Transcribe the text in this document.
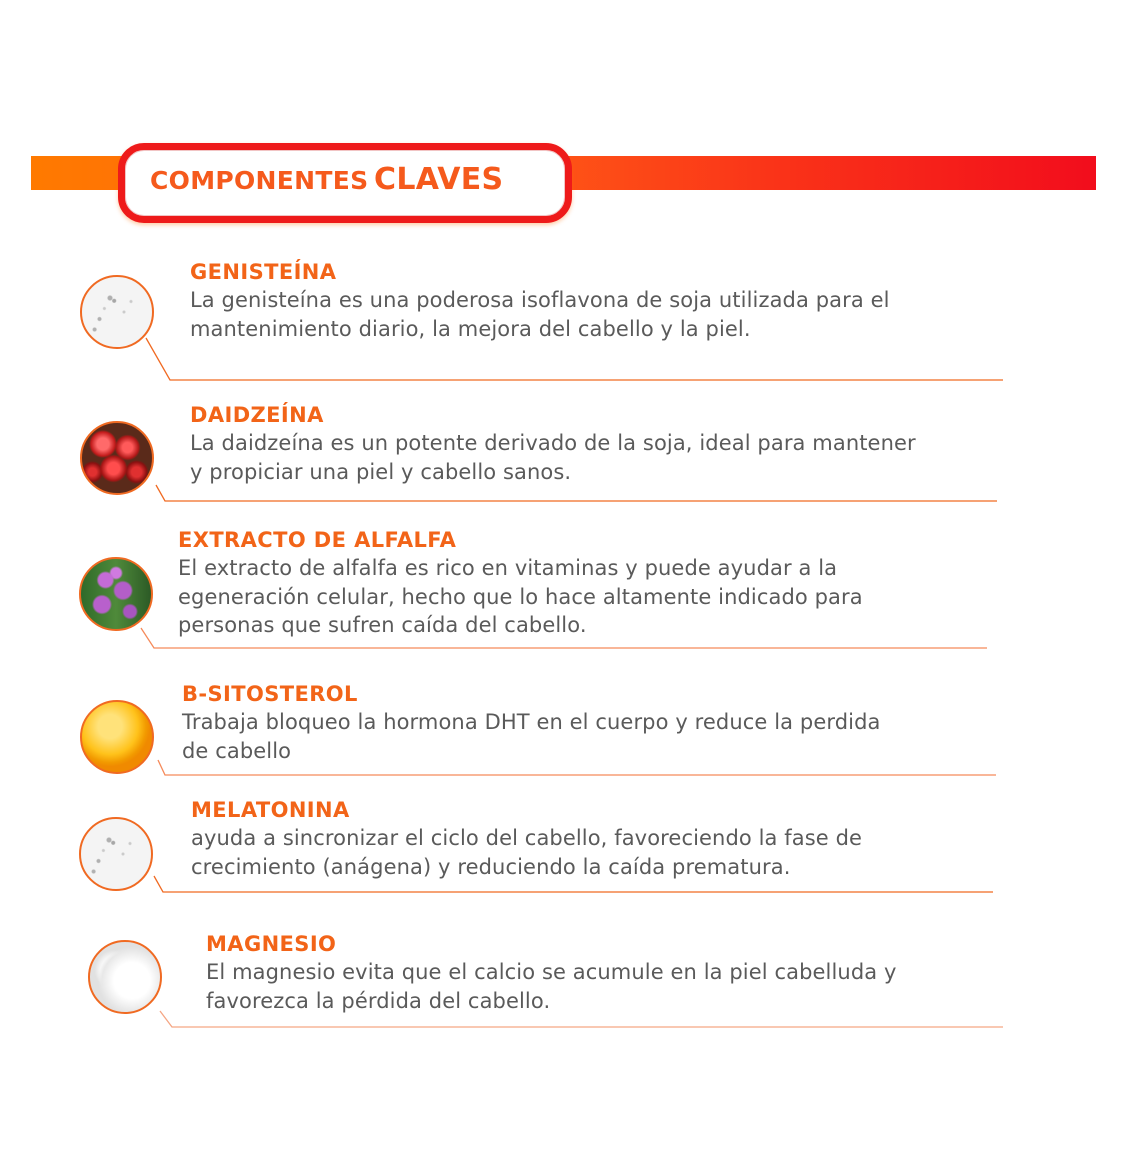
COMPONENTES CLAVES
GENISTEÍNA
La genisteína es una poderosa isoflavona de soja utilizada para el
mantenimiento diario, la mejora del cabello y la piel.
DAIDZEÍNA
La daidzeína es un potente derivado de la soja, ideal para mantener
y propiciar una piel y cabello sanos.
EXTRACTO DE ALFALFA
El extracto de alfalfa es rico en vitaminas y puede ayudar a la
egeneración celular, hecho que lo hace altamente indicado para
personas que sufren caída del cabello.
B-SITOSTEROL
Trabaja bloqueo la hormona DHT en el cuerpo y reduce la perdida
de cabello
MELATONINA
ayuda a sincronizar el ciclo del cabello, favoreciendo la fase de
crecimiento (anágena) y reduciendo la caída prematura.
MAGNESIO
El magnesio evita que el calcio se acumule en la piel cabelluda y
favorezca la pérdida del cabello.
